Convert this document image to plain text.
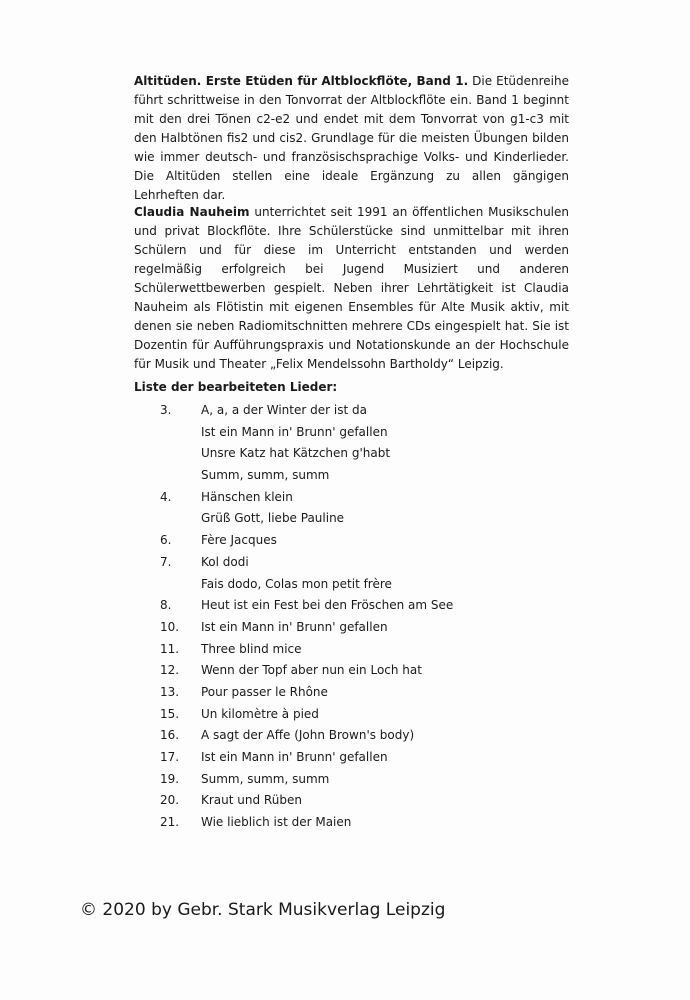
Altitüden. Erste Etüden für Altblockflöte, Band 1. Die Etüdenreihe führt schrittweise in den Tonvorrat der Altblockflöte ein. Band 1 beginnt mit den drei Tönen c2-e2 und endet mit dem Tonvorrat von g1-c3 mit den Halbtönen fis2 und cis2. Grundlage für die meisten Übungen bilden wie immer deutsch- und französischsprachige Volks- und Kinderlieder. Die Altitüden stellen eine ideale Ergänzung zu allen gängigen Lehrheften dar.

Claudia Nauheim unterrichtet seit 1991 an öffentlichen Musikschulen und privat Blockflöte. Ihre Schülerstücke sind unmittelbar mit ihren Schülern und für diese im Unterricht entstanden und werden regelmäßig erfolgreich bei Jugend Musiziert und anderen Schülerwettbewerben gespielt. Neben ihrer Lehrtätigkeit ist Claudia Nauheim als Flötistin mit eigenen Ensembles für Alte Musik aktiv, mit denen sie neben Radiomitschnitten mehrere CDs eingespielt hat. Sie ist Dozentin für Aufführungspraxis und Notationskunde an der Hochschule für Musik und Theater „Felix Mendelssohn Bartholdy“ Leipzig.

Liste der bearbeiteten Lieder:

3. A, a, a der Winter der ist da
Ist ein Mann in' Brunn' gefallen
Unsre Katz hat Kätzchen g'habt
Summ, summ, summ
4. Hänschen klein
Grüß Gott, liebe Pauline
6. Fère Jacques
7. Kol dodi
Fais dodo, Colas mon petit frère
8. Heut ist ein Fest bei den Fröschen am See
10. Ist ein Mann in' Brunn' gefallen
11. Three blind mice
12. Wenn der Topf aber nun ein Loch hat
13. Pour passer le Rhône
15. Un kilomètre à pied
16. A sagt der Affe (John Brown's body)
17. Ist ein Mann in' Brunn' gefallen
19. Summ, summ, summ
20. Kraut und Rüben
21. Wie lieblich ist der Maien

© 2020 by Gebr. Stark Musikverlag Leipzig
